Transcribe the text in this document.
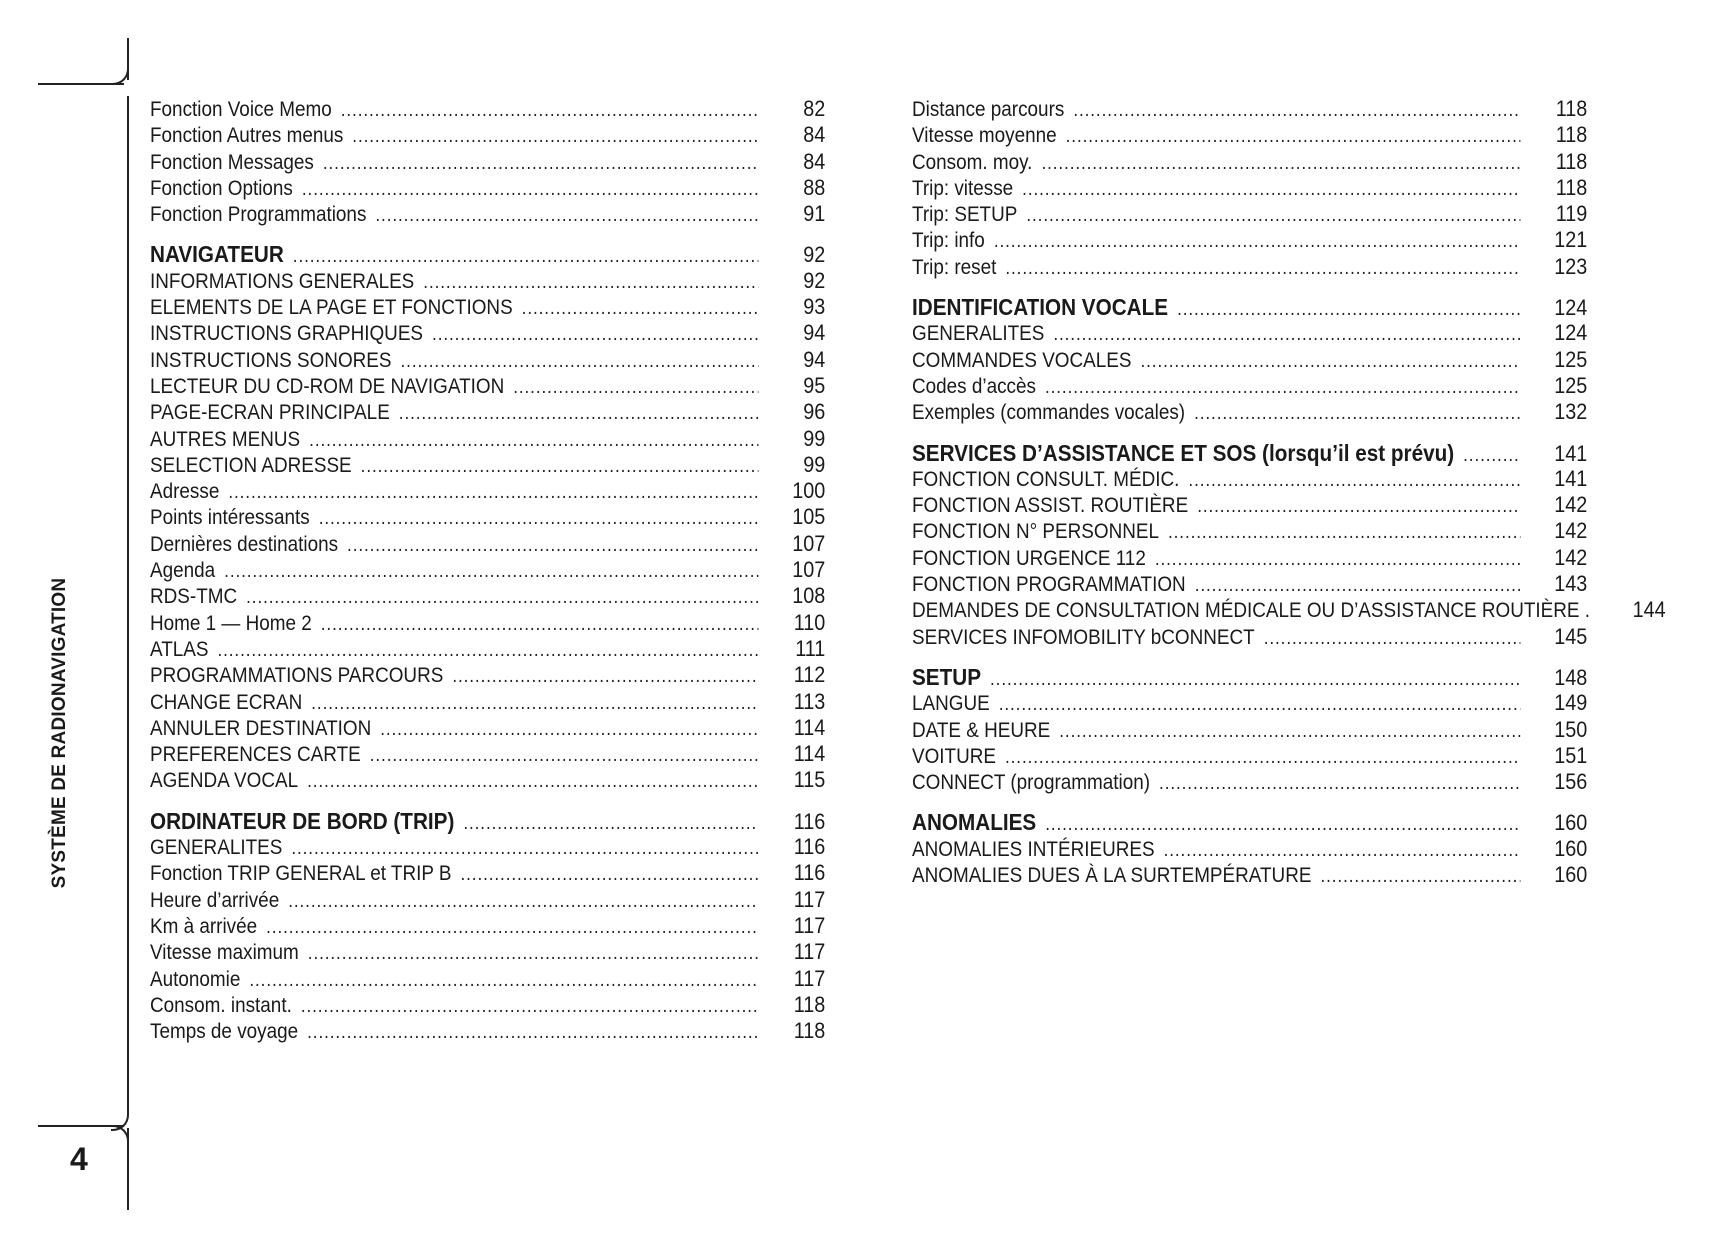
SYSTÈME DE RADIONAVIGATION
4
Fonction Voice Memo .....	82
Fonction Autres menus .....	84
Fonction Messages .....	84
Fonction Options .....	88
Fonction Programmations .....	91
NAVIGATEUR .....	92
INFORMATIONS GENERALES .....	92
ELEMENTS DE LA PAGE ET FONCTIONS .....	93
INSTRUCTIONS GRAPHIQUES .....	94
INSTRUCTIONS SONORES .....	94
LECTEUR DU CD-ROM DE NAVIGATION .....	95
PAGE-ECRAN PRINCIPALE .....	96
AUTRES MENUS .....	99
SELECTION ADRESSE .....	99
Adresse .....	100
Points intéressants .....	105
Dernières destinations .....	107
Agenda .....	107
RDS-TMC .....	108
Home 1 — Home 2 .....	110
ATLAS .....	111
PROGRAMMATIONS PARCOURS .....	112
CHANGE ECRAN .....	113
ANNULER DESTINATION .....	114
PREFERENCES CARTE .....	114
AGENDA VOCAL .....	115
ORDINATEUR DE BORD (TRIP) .....	116
GENERALITES .....	116
Fonction TRIP GENERAL et TRIP B .....	116
Heure d’arrivée .....	117
Km à arrivée .....	117
Vitesse maximum .....	117
Autonomie .....	117
Consom. instant. .....	118
Temps de voyage .....	118
Distance parcours .....	118
Vitesse moyenne .....	118
Consom. moy. .....	118
Trip: vitesse .....	118
Trip: SETUP .....	119
Trip: info .....	121
Trip: reset .....	123
IDENTIFICATION VOCALE .....	124
GENERALITES .....	124
COMMANDES VOCALES .....	125
Codes d’accès .....	125
Exemples (commandes vocales) .....	132
SERVICES D’ASSISTANCE ET SOS (lorsqu’il est prévu) .....	141
FONCTION CONSULT. MÉDIC. .....	141
FONCTION ASSIST. ROUTIÈRE .....	142
FONCTION N° PERSONNEL .....	142
FONCTION URGENCE 112 .....	142
FONCTION PROGRAMMATION .....	143
DEMANDES DE CONSULTATION MÉDICALE OU D’ASSISTANCE ROUTIÈRE .	144
SERVICES INFOMOBILITY bCONNECT .....	145
SETUP .....	148
LANGUE .....	149
DATE & HEURE .....	150
VOITURE .....	151
CONNECT (programmation) .....	156
ANOMALIES .....	160
ANOMALIES INTÉRIEURES .....	160
ANOMALIES DUES À LA SURTEMPÉRATURE .....	160
